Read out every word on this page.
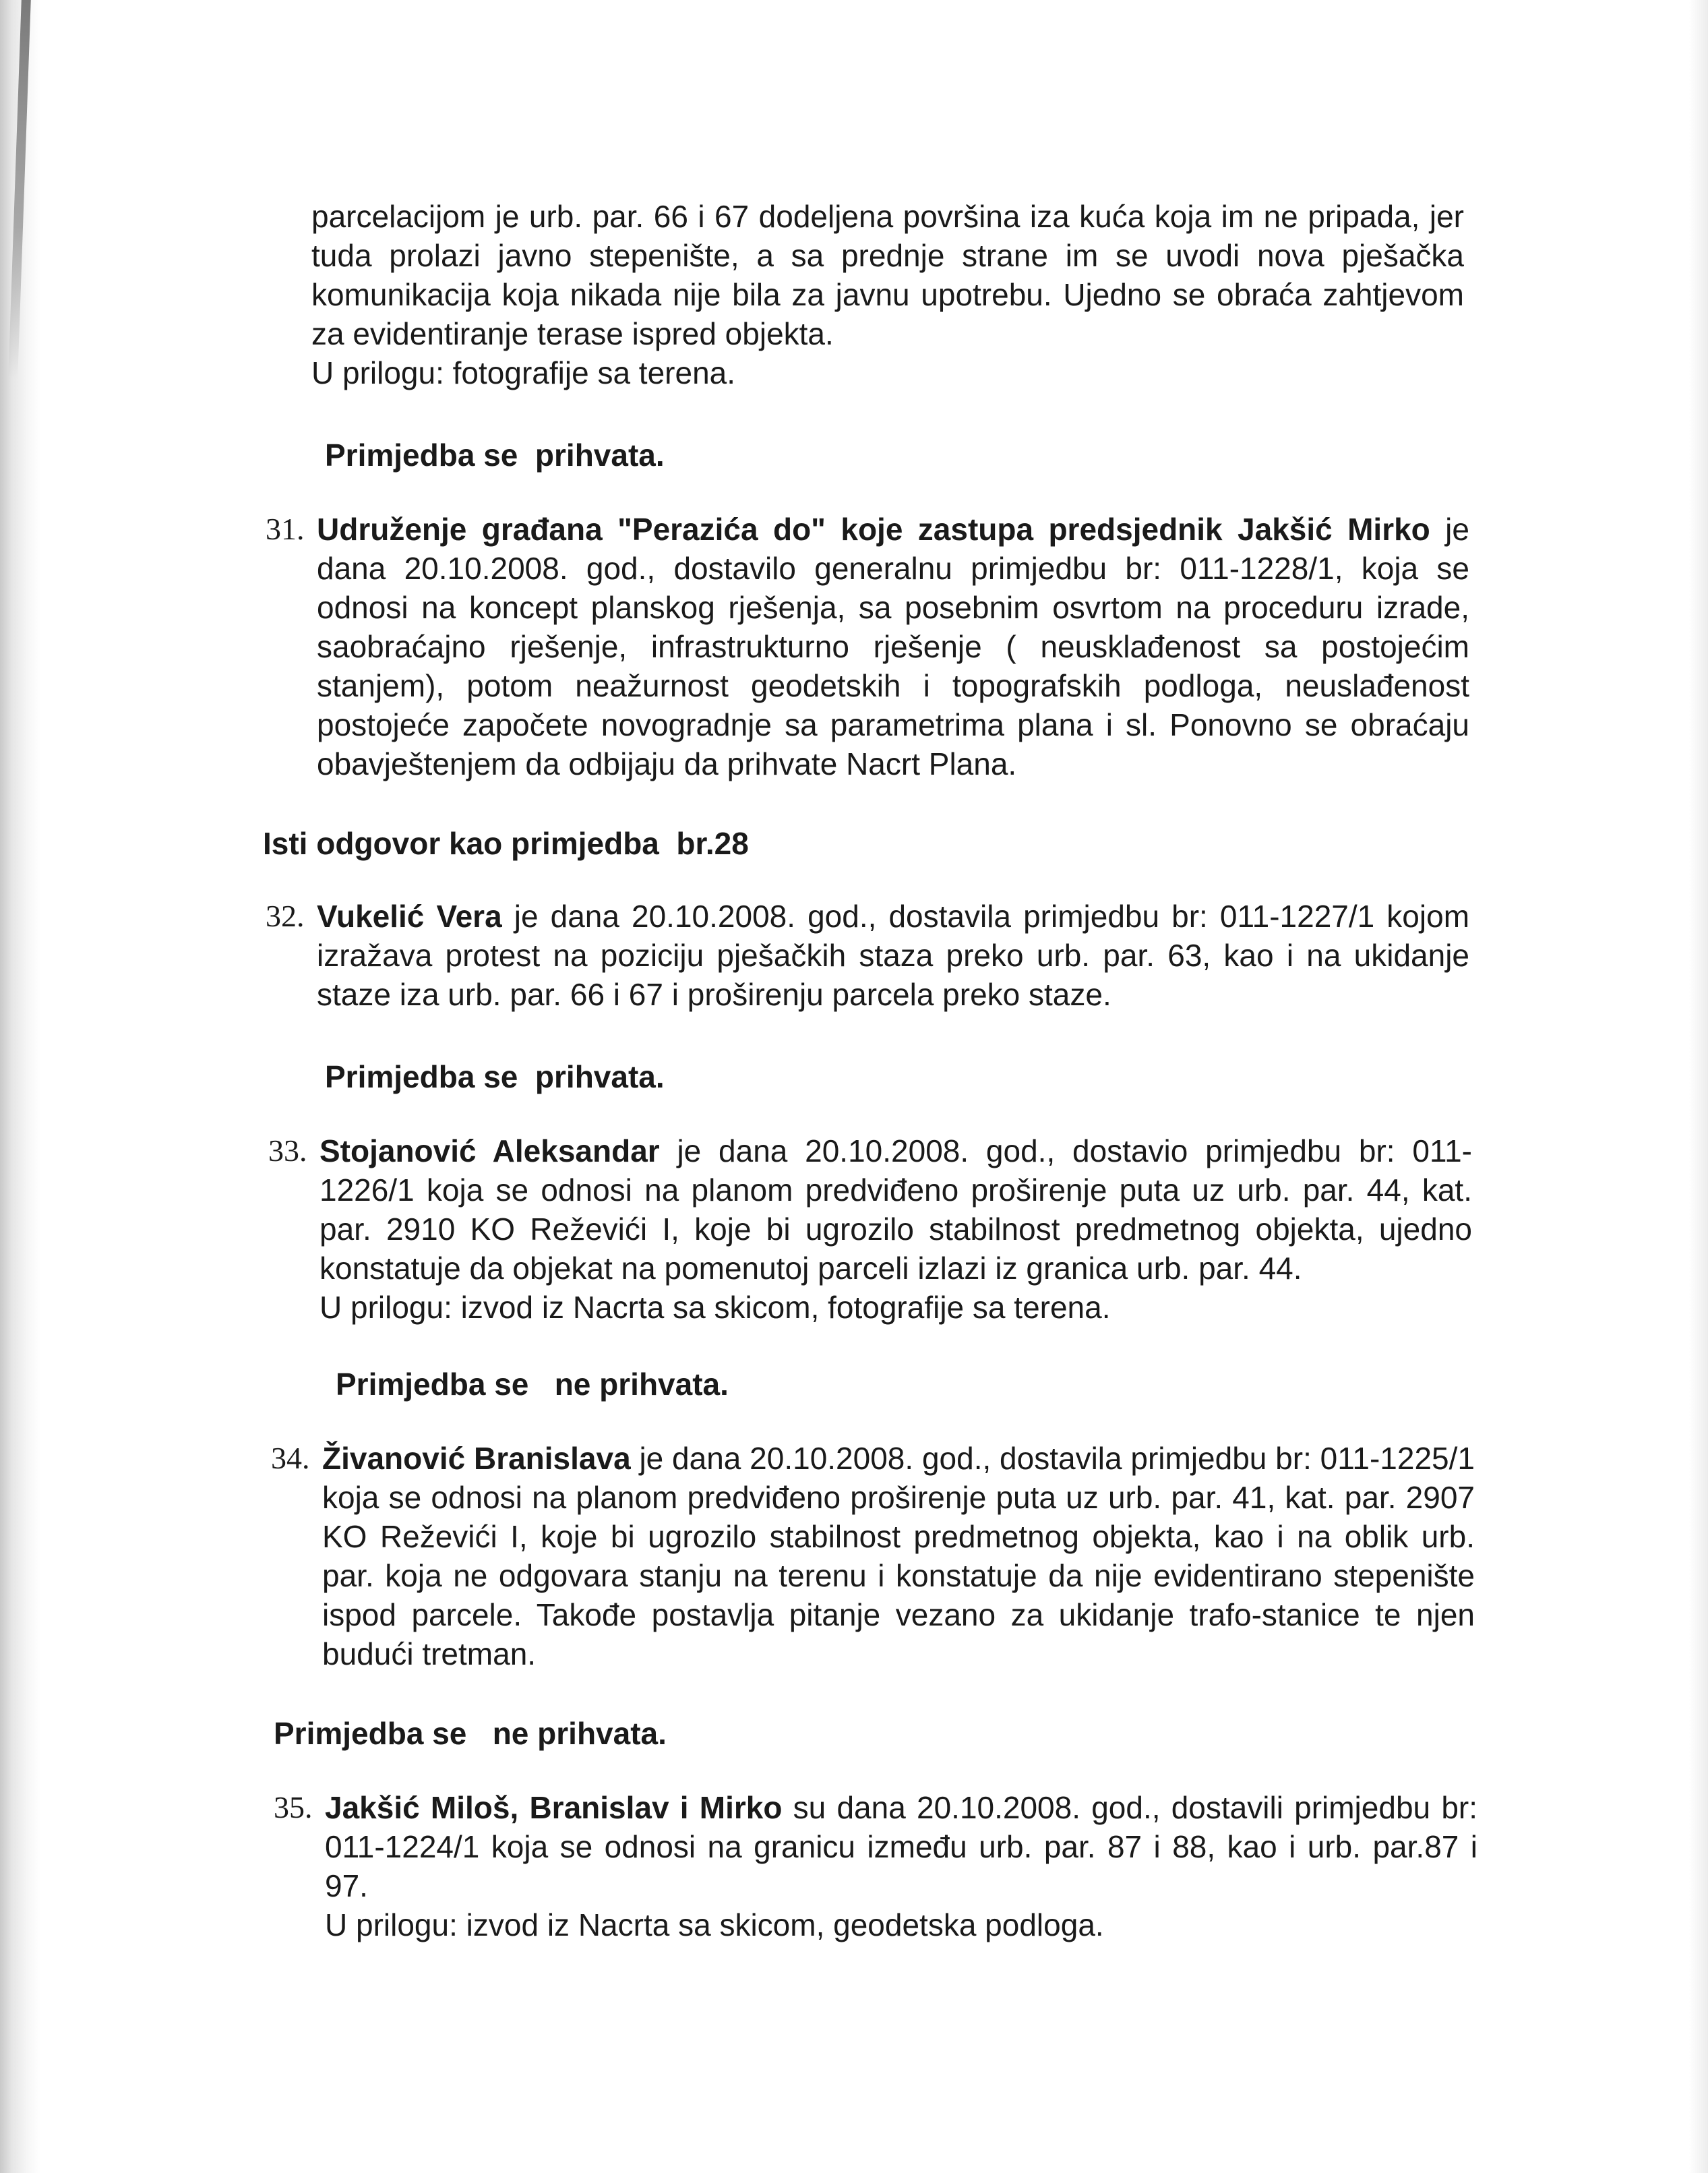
parcelacijom je urb. par. 66 i 67 dodeljena površina iza kuća koja im ne pripada, jer tuda prolazi javno stepenište, a sa prednje strane im se uvodi nova pješačka komunikacija koja nikada nije bila za javnu upotrebu. Ujedno se obraća zahtjevom za evidentiranje terase ispred objekta.
U prilogu: fotografije sa terena.
Primjedba se  prihvata.
31. Udruženje građana "Perazića do" koje zastupa predsjednik Jakšić Mirko je dana 20.10.2008. god., dostavilo generalnu primjedbu br: 011-1228/1, koja se odnosi na koncept planskog rješenja, sa posebnim osvrtom na proceduru izrade, saobraćajno rješenje, infrastrukturno rješenje ( neusklađenost sa postojećim stanjem), potom neažurnost geodetskih i topografskih podloga, neuslađenost postojeće započete novogradnje sa parametrima plana i sl. Ponovno se obraćaju obavještenjem da odbijaju da prihvate Nacrt Plana.
Isti odgovor kao primjedba  br.28
32. Vukelić Vera je dana 20.10.2008. god., dostavila primjedbu br: 011-1227/1 kojom izražava protest na poziciju pješačkih staza preko urb. par. 63, kao i na ukidanje staze iza urb. par. 66 i 67 i proširenju parcela preko staze.
Primjedba se  prihvata.
33. Stojanović Aleksandar je dana 20.10.2008. god., dostavio primjedbu br: 011-1226/1 koja se odnosi na planom predviđeno proširenje puta uz urb. par. 44, kat. par. 2910 KO Reževići I, koje bi ugrozilo stabilnost predmetnog objekta, ujedno konstatuje da objekat na pomenutoj parceli izlazi iz granica urb. par. 44.
U prilogu: izvod iz Nacrta sa skicom, fotografije sa terena.
Primjedba se   ne prihvata.
34. Živanović Branislava je dana 20.10.2008. god., dostavila primjedbu br: 011-1225/1 koja se odnosi na planom predviđeno proširenje puta uz urb. par. 41, kat. par. 2907 KO Reževići I, koje bi ugrozilo stabilnost predmetnog objekta, kao i na oblik urb. par. koja ne odgovara stanju na terenu i konstatuje da nije evidentirano stepenište ispod parcele. Takođe postavlja pitanje vezano za ukidanje trafo-stanice te njen budući tretman.
Primjedba se   ne prihvata.
35. Jakšić Miloš, Branislav i Mirko su dana 20.10.2008. god., dostavili primjedbu br: 011-1224/1 koja se odnosi na granicu između urb. par. 87 i 88, kao i urb. par.87 i 97.
U prilogu: izvod iz Nacrta sa skicom, geodetska podloga.
